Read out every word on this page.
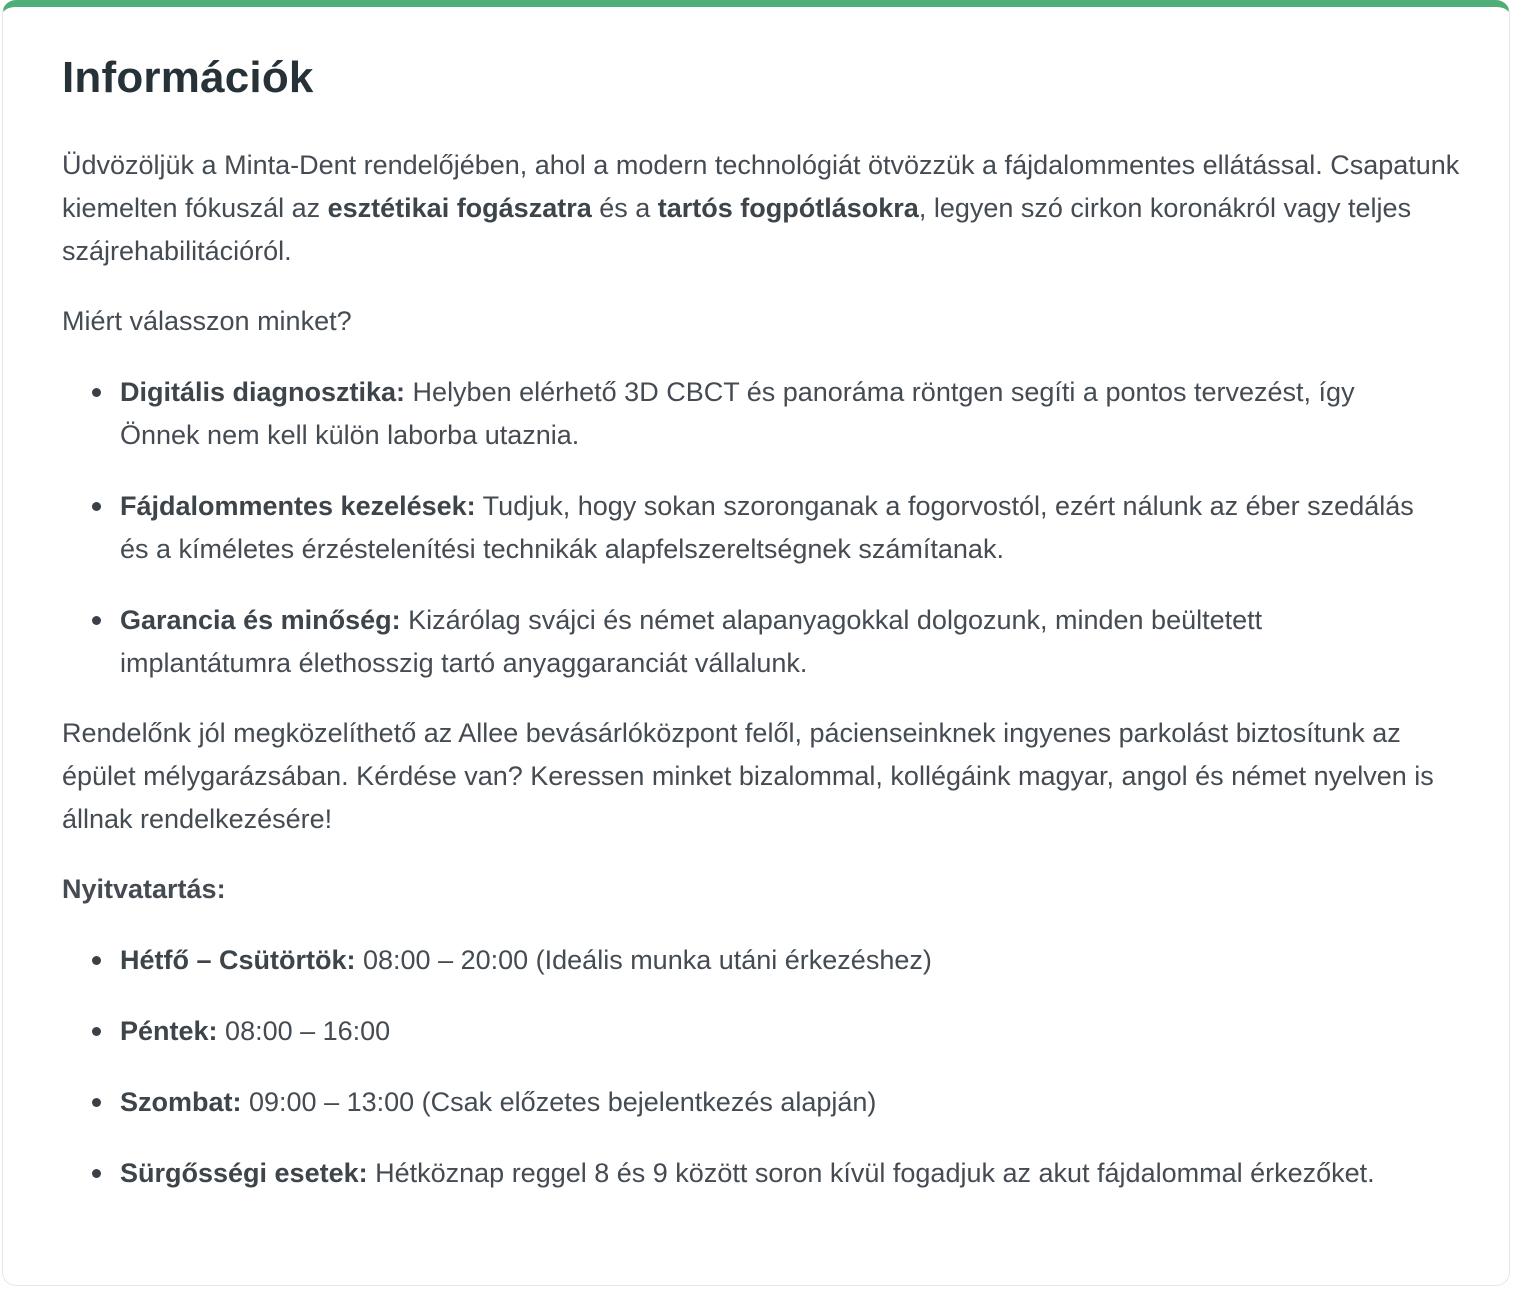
Információk

Üdvözöljük a Minta-Dent rendelőjében, ahol a modern technológiát ötvözzük a fájdalommentes ellátással. Csapatunk kiemelten fókuszál az esztétikai fogászatra és a tartós fogpótlásokra, legyen szó cirkon koronákról vagy teljes szájrehabilitációról.

Miért válasszon minket?

Digitális diagnosztika: Helyben elérhető 3D CBCT és panoráma röntgen segíti a pontos tervezést, így Önnek nem kell külön laborba utaznia.
Fájdalommentes kezelések: Tudjuk, hogy sokan szoronganak a fogorvostól, ezért nálunk az éber szedálás és a kíméletes érzéstelenítési technikák alapfelszereltségnek számítanak.
Garancia és minőség: Kizárólag svájci és német alapanyagokkal dolgozunk, minden beültetett implantátumra élethosszig tartó anyaggaranciát vállalunk.

Rendelőnk jól megközelíthető az Allee bevásárlóközpont felől, pácienseinknek ingyenes parkolást biztosítunk az épület mélygarázsában. Kérdése van? Keressen minket bizalommal, kollégáink magyar, angol és német nyelven is állnak rendelkezésére!

Nyitvatartás:

Hétfő – Csütörtök: 08:00 – 20:00 (Ideális munka utáni érkezéshez)
Péntek: 08:00 – 16:00
Szombat: 09:00 – 13:00 (Csak előzetes bejelentkezés alapján)
Sürgősségi esetek: Hétköznap reggel 8 és 9 között soron kívül fogadjuk az akut fájdalommal érkezőket.
